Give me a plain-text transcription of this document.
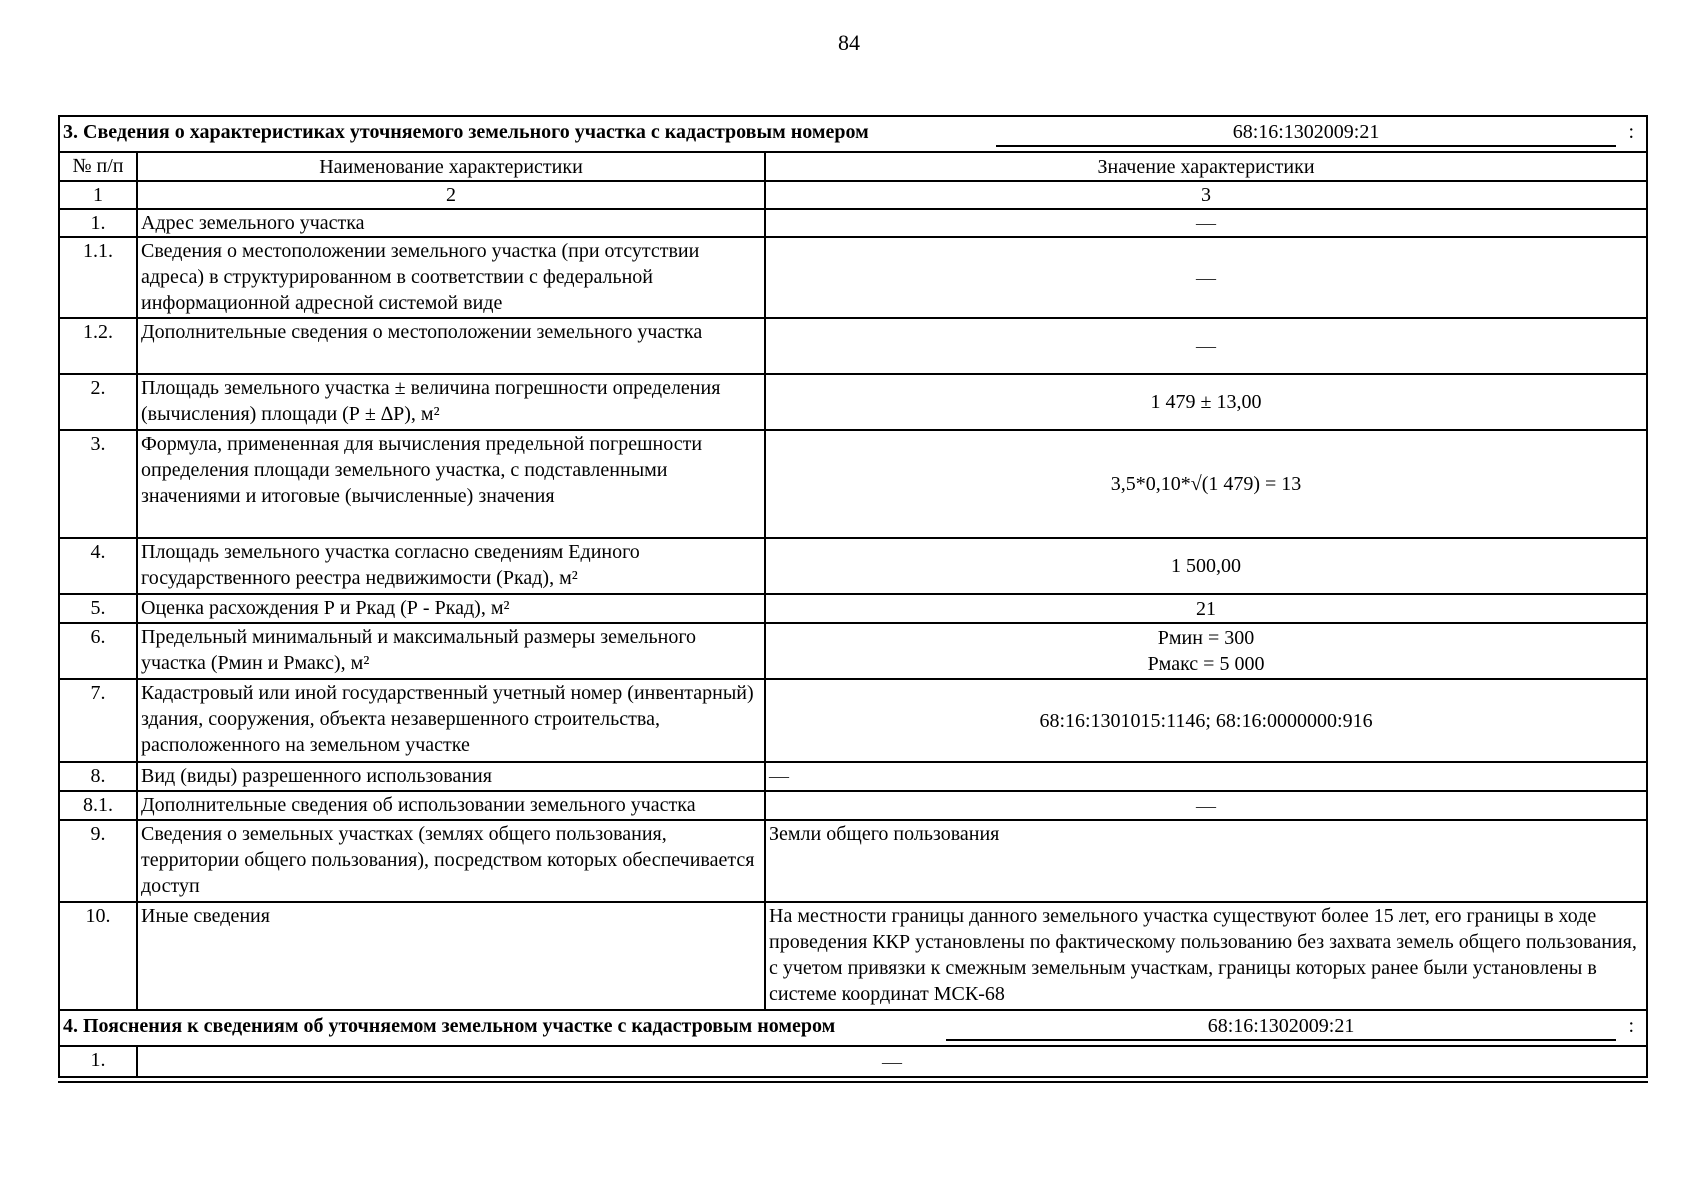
84
3. Сведения о характеристиках уточняемого земельного участка с кадастровым номером 68:16:1302009:21 :		

№ п/п	Наименование характеристики	Значение характеристики
1	2	3
1.	Адрес земельного участка	—
1.1.	Сведения о местоположении земельного участка (при отсутствии адреса) в структурированном в соответствии с федеральной информационной адресной системой виде	—
1.2.	Дополнительные сведения о местоположении земельного участка	—
2.	Площадь земельного участка ± величина погрешности определения (вычисления) площади (Р ± ∆Р), м²	1 479 ± 13,00
3.	Формула, примененная для вычисления предельной погрешности определения площади земельного участка, с подставленными значениями и итоговые (вычисленные) значения	3,5*0,10*√(1 479) = 13
4.	Площадь земельного участка согласно сведениям Единого государственного реестра недвижимости (Ркад), м²	1 500,00
5.	Оценка расхождения Р и Ркад (Р - Ркад), м²	21
6.	Предельный минимальный и максимальный размеры земельного участка (Рмин и Рмакс), м²	Рмин = 300
Рмакс = 5 000

7.	Кадастровый или иной государственный учетный номер (инвентарный) здания, сооружения, объекта незавершенного строительства, расположенного на земельном участке	68:16:1301015:1146; 68:16:0000000:916
8.	Вид (виды) разрешенного использования	—
8.1.	Дополнительные сведения об использовании земельного участка	—
9.	Сведения о земельных участках (землях общего пользования, территории общего пользования), посредством которых обеспечивается доступ	Земли общего пользования
10.	Иные сведения	На местности границы данного земельного участка существуют более 15 лет, его границы в ходе проведения ККР установлены по фактическому пользованию без захвата земель общего пользования, с учетом привязки к смежным земельным участкам, границы которых ранее были установлены в системе координат МСК-68
4. Пояснения к сведениям об уточняемом земельном участке с кадастровым номером 68:16:1302009:21 :		

1.	—	
